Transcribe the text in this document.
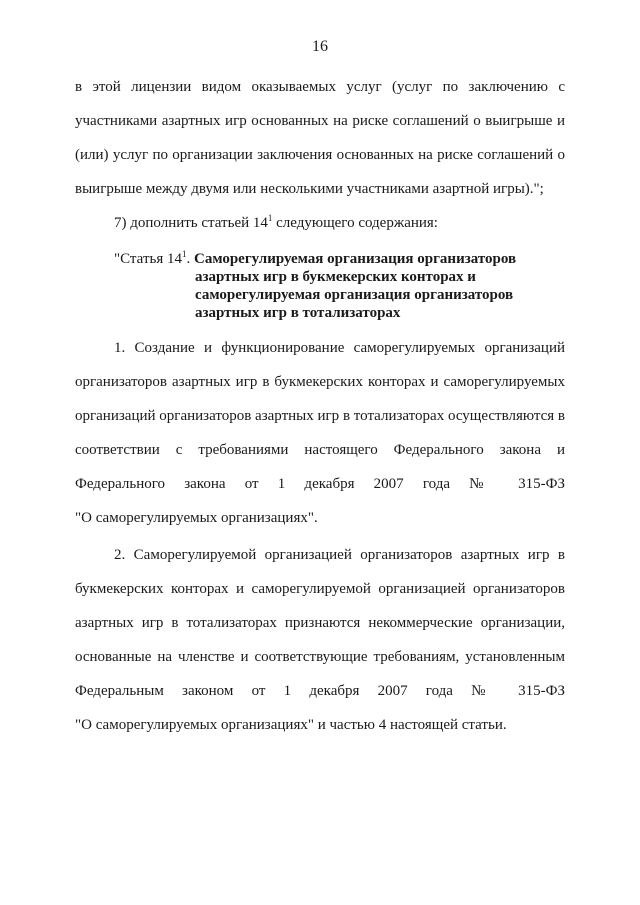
16
в этой лицензии видом оказываемых услуг (услуг по заключению с
участниками азартных игр основанных на риске соглашений о выигрыше и
(или) услуг по организации заключения основанных на риске соглашений о
выигрыше между двумя или несколькими участниками азартной игры).";
7) дополнить статьей $14^1$ следующего содержания:
"Статья $14^1$. Саморегулируемая организация организаторов
азартных игр в букмекерских конторах и
саморегулируемая организация организаторов
азартных игр в тотализаторах
1. Создание и функционирование саморегулируемых организаций
организаторов азартных игр в букмекерских конторах и саморегулируемых
организаций организаторов азартных игр в тотализаторах осуществляются в
соответствии с требованиями настоящего Федерального закона и
Федерального закона от 1 декабря 2007 года № 315-ФЗ
"О саморегулируемых организациях".
2. Саморегулируемой организацией организаторов азартных игр в
букмекерских конторах и саморегулируемой организацией организаторов
азартных игр в тотализаторах признаются некоммерческие организации,
основанные на членстве и соответствующие требованиям, установленным
Федеральным законом от 1 декабря 2007 года № 315-ФЗ
"О саморегулируемых организациях" и частью 4 настоящей статьи.
